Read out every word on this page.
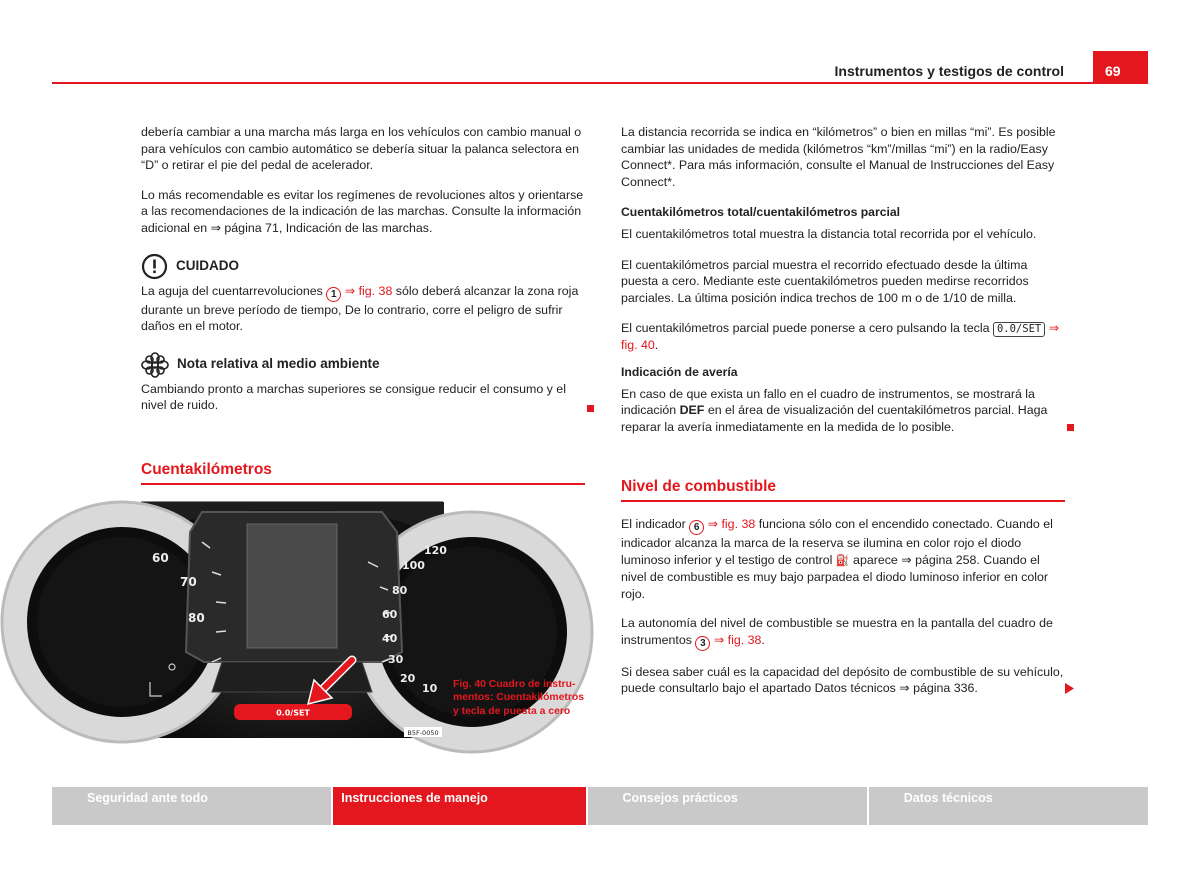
Instrumentos y testigos de control	69

debería cambiar a una marcha más larga en los vehículos con cambio manual o para vehículos con cambio automático se debería situar la palanca selectora en “D” o retirar el pie del pedal de acelerador.

Lo más recomendable es evitar los regímenes de revoluciones altos y orientarse a las recomendaciones de la indicación de las marchas. Consulte la información adicional en ⇒ página 71, Indicación de las marchas.

CUIDADO

La aguja del cuentarrevoluciones 1 ⇒ fig. 38 sólo deberá alcanzar la zona roja durante un breve período de tiempo, De lo contrario, corre el peligro de sufrir daños en el motor.

Nota relativa al medio ambiente

Cambiando pronto a marchas superiores se consigue reducir el consumo y el nivel de ruido.

Cuentakilómetros
60
70
80
120
100
80
60
40
30
20
10
0.0/SET
B5F-0050
Fig. 40 Cuadro de instrumentos: Cuentakilómetros y tecla de puesta a cero

La distancia recorrida se indica en “kilómetros” o bien en millas “mi”. Es posible cambiar las unidades de medida (kilómetros “km”/millas “mi”) en la radio/Easy Connect*. Para más información, consulte el Manual de Instrucciones del Easy Connect*.

Cuentakilómetros total/cuentakilómetros parcial

El cuentakilómetros total muestra la distancia total recorrida por el vehículo.

El cuentakilómetros parcial muestra el recorrido efectuado desde la última puesta a cero. Mediante este cuentakilómetros pueden medirse recorridos parciales. La última posición indica trechos de 100 m o de 1/10 de milla.

El cuentakilómetros parcial puede ponerse a cero pulsando la tecla 0.0/SET ⇒ fig. 40.

Indicación de avería

En caso de que exista un fallo en el cuadro de instrumentos, se mostrará la indicación DEF en el área de visualización del cuentakilómetros parcial. Haga reparar la avería inmediatamente en la medida de lo posible.

Nivel de combustible

El indicador 6 ⇒ fig. 38 funciona sólo con el encendido conectado. Cuando el indicador alcanza la marca de la reserva se ilumina en color rojo el diodo luminoso inferior y el testigo de control ⛽ aparece ⇒ página 258. Cuando el nivel de combustible es muy bajo parpadea el diodo luminoso inferior en color rojo.

La autonomía del nivel de combustible se muestra en la pantalla del cuadro de instrumentos 3 ⇒ fig. 38.

Si desea saber cuál es la capacidad del depósito de combustible de su vehículo, puede consultarlo bajo el apartado Datos técnicos ⇒ página 336.

Seguridad ante todo	Instrucciones de manejo	Consejos prácticos	Datos técnicos
